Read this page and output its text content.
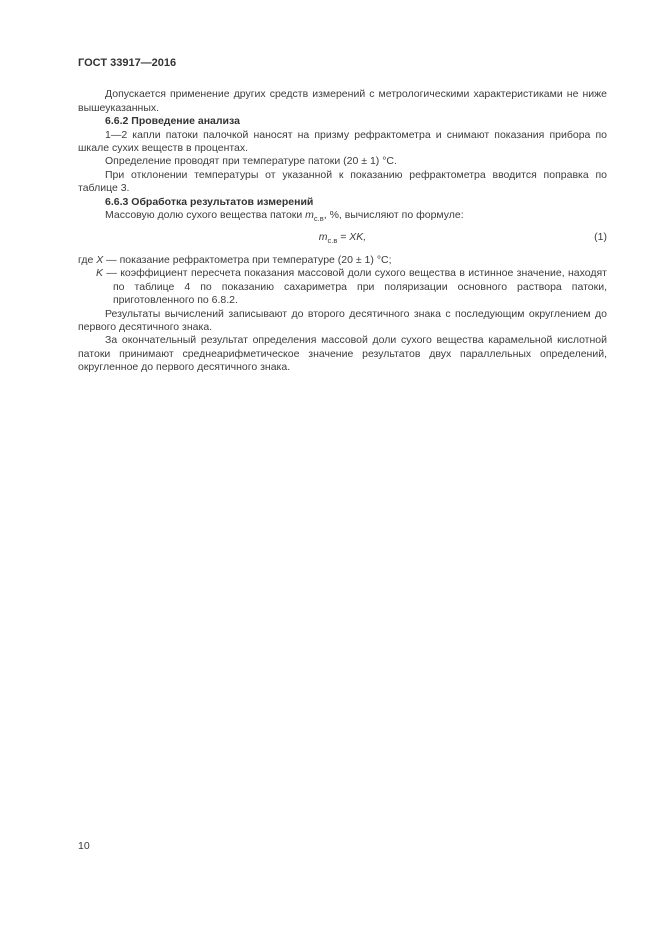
ГОСТ 33917—2016

Допускается применение других средств измерений с метрологическими характеристиками не ниже вышеуказанных.

6.6.2 Проведение анализа

1—2 капли патоки палочкой наносят на призму рефрактометра и снимают показания прибора по шкале сухих веществ в процентах.

Определение проводят при температуре патоки (20 ± 1) °С.

При отклонении температуры от указанной к показанию рефрактометра вводится поправка по таблице 3.

6.6.3 Обработка результатов измерений

Массовую долю сухого вещества патоки $m_{с.в}$, %, вычисляют по формуле:

$m_{с.в}$ = XK,	(1)

где X — показание рефрактометра при температуре (20 ± 1) °С;

K — коэффициент пересчета показания массовой доли сухого вещества в истинное значение, находят по таблице 4 по показанию сахариметра при поляризации основного раствора патоки, приготовленного по 6.8.2.

Результаты вычислений записывают до второго десятичного знака с последующим округлением до первого десятичного знака.

За окончательный результат определения массовой доли сухого вещества карамельной кислотной патоки принимают среднеарифметическое значение результатов двух параллельных определений, округленное до первого десятичного знака.

10
